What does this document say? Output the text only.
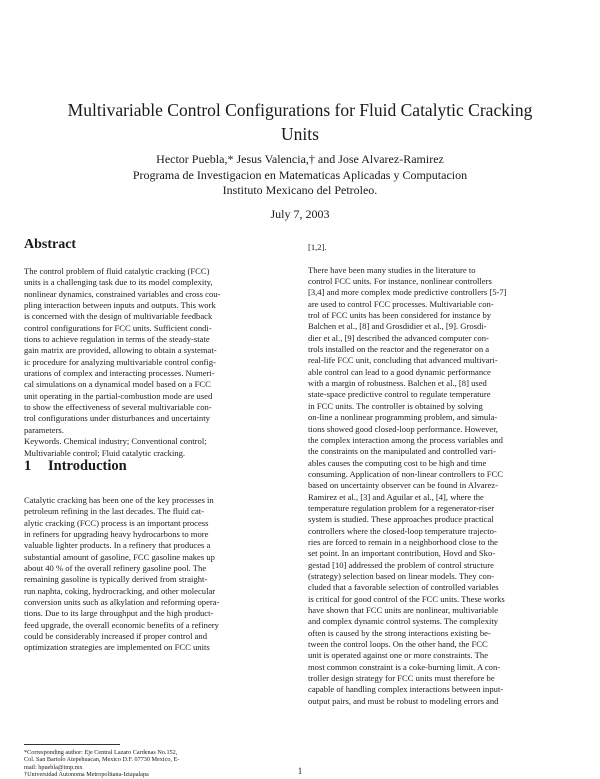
Multivariable Control Configurations for Fluid Catalytic Cracking
Units
Hector Puebla,* Jesus Valencia,† and Jose Alvarez-Ramirez
Programa de Investigacion en Matematicas Aplicadas y Computacion
Instituto Mexicano del Petroleo.
July 7, 2003
Abstract
The control problem of fluid catalytic cracking (FCC)
units is a challenging task due to its model complexity,
nonlinear dynamics, constrained variables and cross cou-
pling interaction between inputs and outputs. This work
is concerned with the design of multivariable feedback
control configurations for FCC units. Sufficient condi-
tions to achieve regulation in terms of the steady-state
gain matrix are provided, allowing to obtain a systemat-
ic procedure for analyzing multivariable control config-
urations of complex and interacting processes. Numeri-
cal simulations on a dynamical model based on a FCC
unit operating in the partial-combustion mode are used
to show the effectiveness of several multivariable con-
trol configurations under disturbances and uncertainty
parameters.
Keywords. Chemical industry; Conventional control;
Multivariable control; Fluid catalytic cracking.
1 Introduction
Catalytic cracking has been one of the key processes in
petroleum refining in the last decades. The fluid cat-
alytic cracking (FCC) process is an important process
in refiners for upgrading heavy hydrocarbons to more
valuable lighter products. In a refinery that produces a
substantial amount of gasoline, FCC gasoline makes up
about 40 % of the overall refinery gasoline pool. The
remaining gasoline is typically derived from straight-
run naphta, coking, hydrocracking, and other molecular
conversion units such as alkylation and reforming opera-
tions. Due to its large throughput and the high product-
feed upgrade, the overall economic benefits of a refinery
could be considerably increased if proper control and
optimization strategies are implemented on FCC units
[1,2].
There have been many studies in the literature to
control FCC units. For instance, nonlinear controllers
[3,4] and more complex mode predictive controllers [5-7]
are used to control FCC processes. Multivariable con-
trol of FCC units has been considered for instance by
Balchen et al., [8] and Grosdidier et al., [9]. Grosdi-
dier et al., [9] described the advanced computer con-
trols installed on the reactor and the regenerator on a
real-life FCC unit, concluding that advanced multivari-
able control can lead to a good dynamic performance
with a margin of robustness. Balchen et al., [8] used
state-space predictive control to regulate temperature
in FCC units. The controller is obtained by solving
on-line a nonlinear programming problem, and simula-
tions showed good closed-loop performance. However,
the complex interaction among the process variables and
the constraints on the manipulated and controlled vari-
ables causes the computing cost to be high and time
consuming. Application of non-linear controllers to FCC
based on uncertainty observer can be found in Alvarez-
Ramirez et al., [3] and Aguilar et al., [4], where the
temperature regulation problem for a regenerator-riser
system is studied. These approaches produce practical
controllers where the closed-loop temperature trajecto-
ries are forced to remain in a neighborhood close to the
set point. In an important contribution, Hovd and Sko-
gestad [10] addressed the problem of control structure
(strategy) selection based on linear models. They con-
cluded that a favorable selection of controlled variables
is critical for good control of the FCC units. These works
have shown that FCC units are nonlinear, multivariable
and complex dynamic control systems. The complexity
often is caused by the strong interactions existing be-
tween the control loops. On the other hand, the FCC
unit is operated against one or more constraints. The
most common constraint is a coke-burning limit. A con-
troller design strategy for FCC units must therefore be
capable of handling complex interactions between input-
output pairs, and must be robust to modeling errors and
*Corresponding author: Eje Central Lazaro Cardenas No.152,
Col. San Bartolo Atepehuacan, Mexico D.F. 07730 Mexico, E-
mail: hpuebla@imp.mx
†Universidad Autonoma Metropolitana-Iztapalapa	1
